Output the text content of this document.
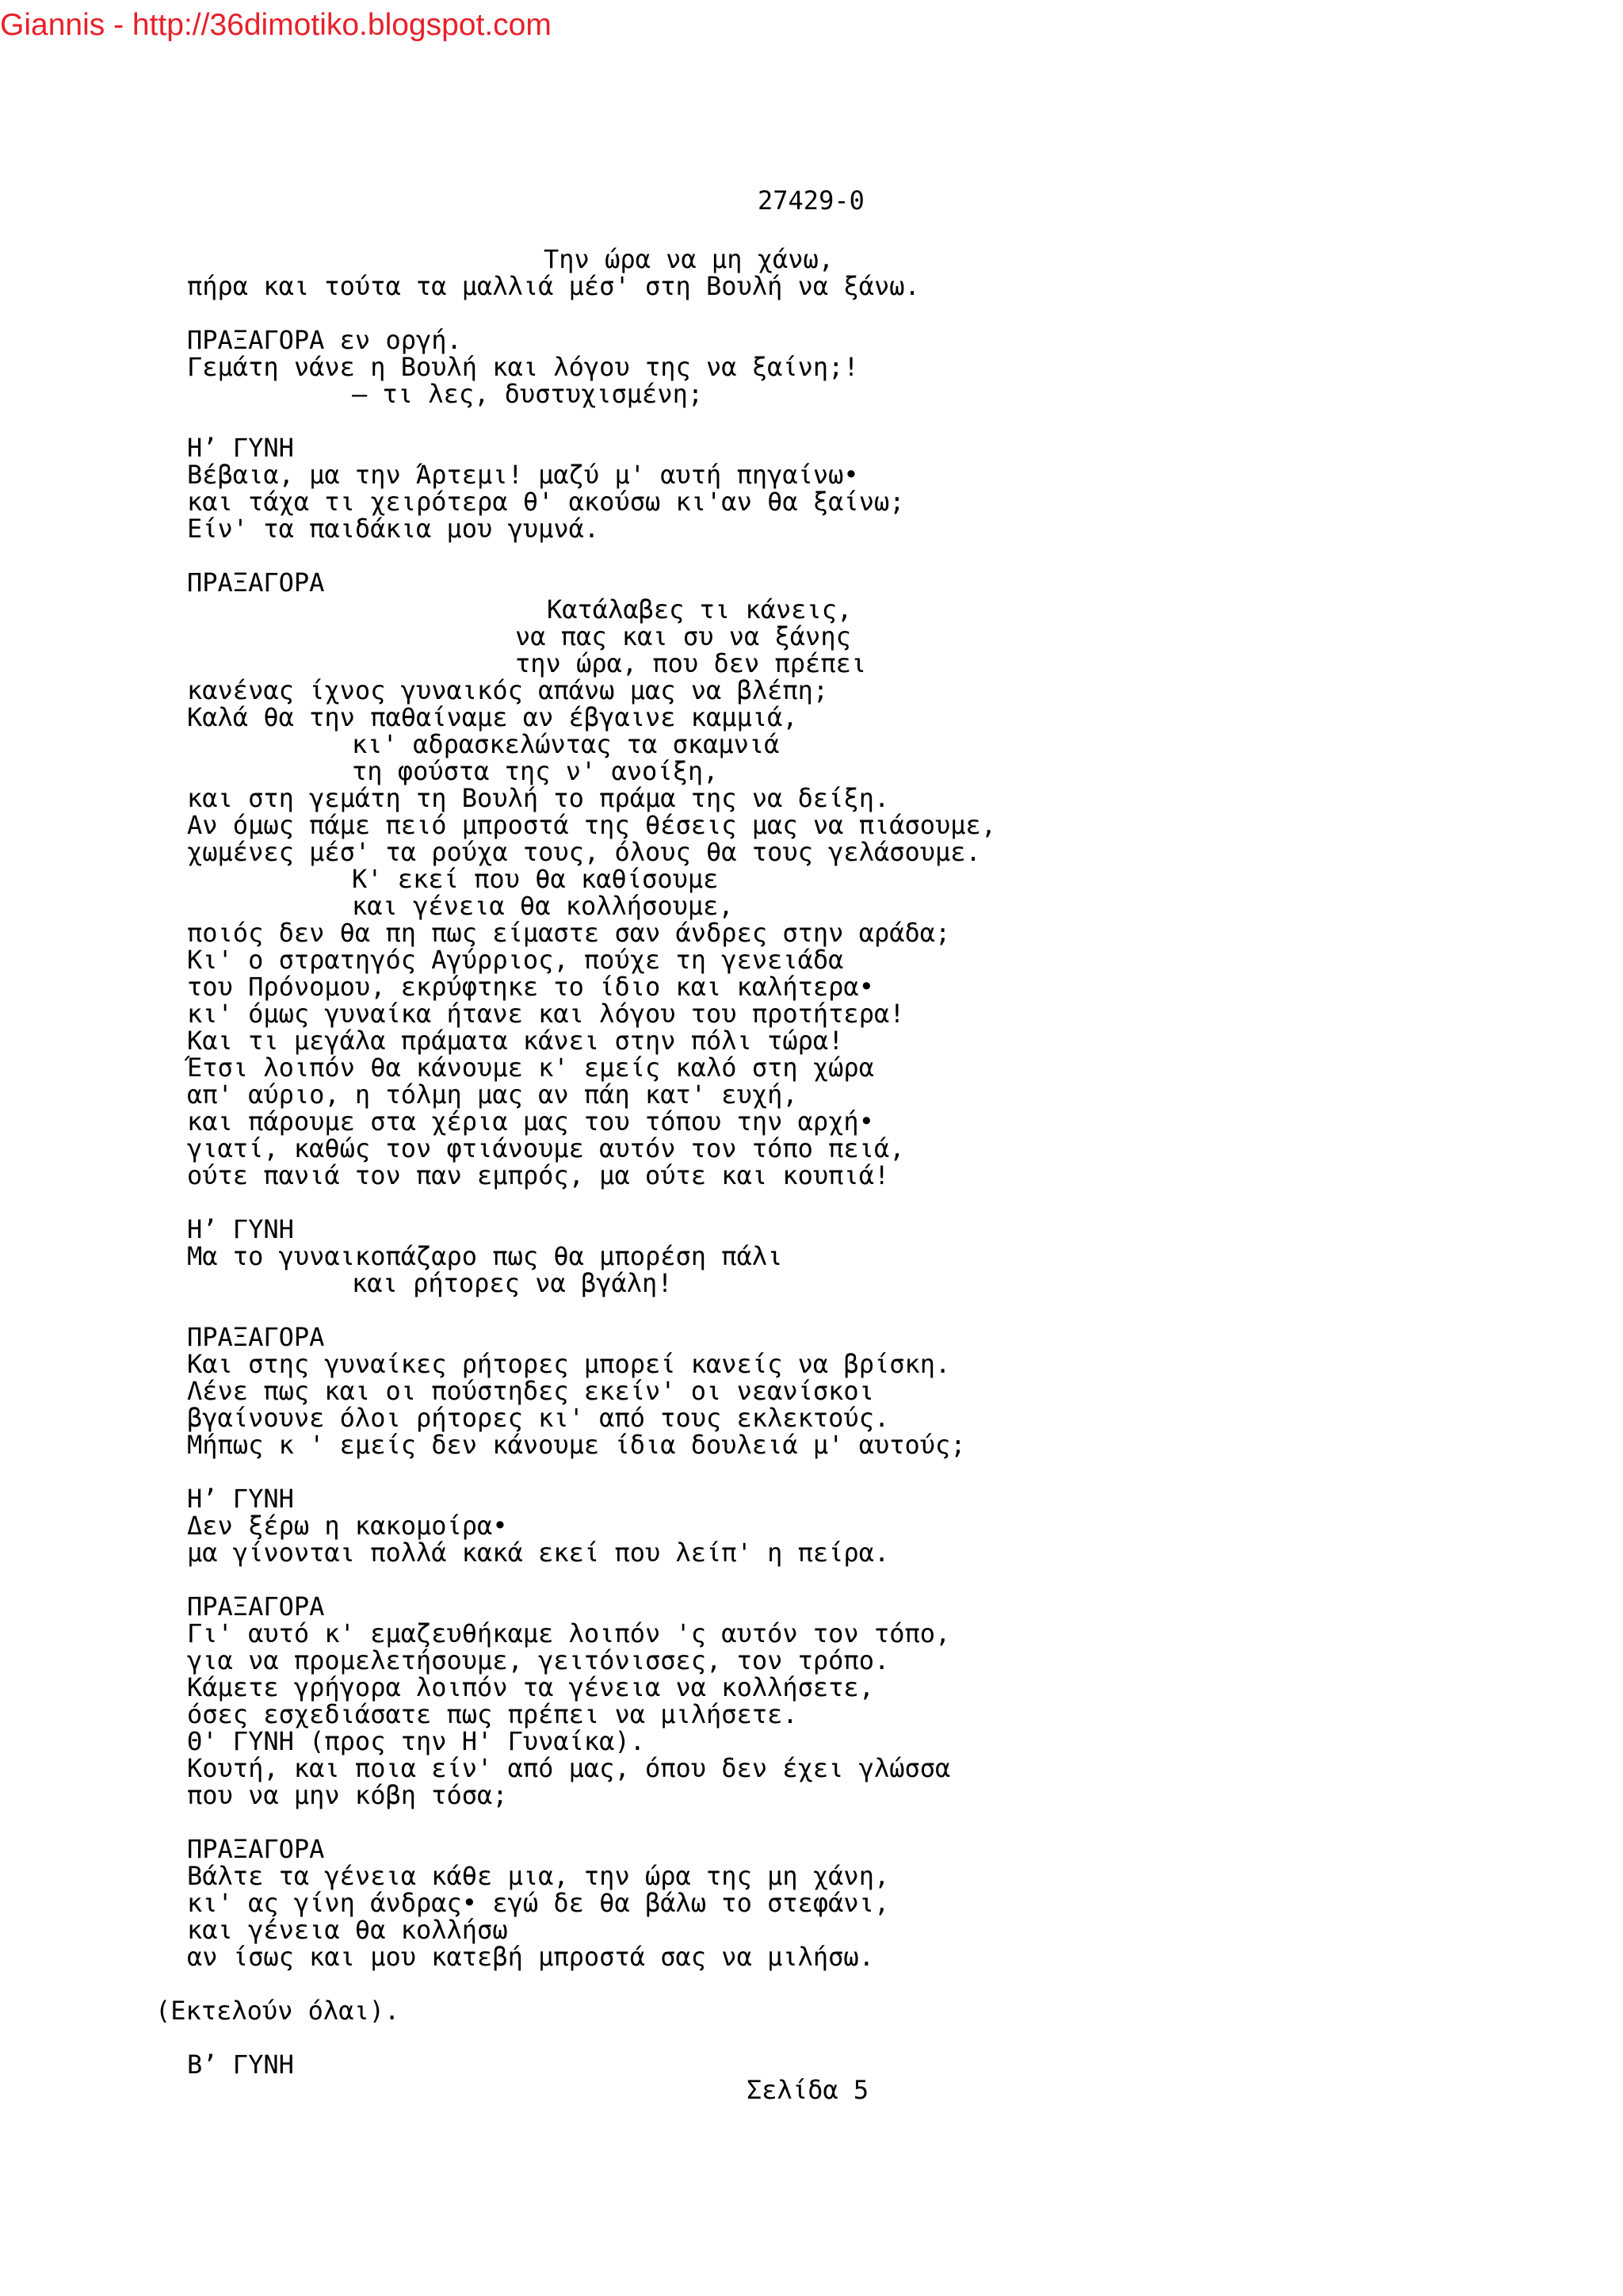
Giannis - http://36dimotiko.blogspot.com
27429-0
Την ώρα να μη χάνω,
πήρα και τούτα τα μαλλιά μέσ' στη Βουλή να ξάνω.
ΠΡΑΞΑΓΟΡΑ εν οργή.
Γεμάτη νάνε η Βουλή και λόγου της να ξαίνη;!
– τι λες, δυστυχισμένη;
Η’ ΓΥΝΗ
Βέβαια, μα την Άρτεμι! μαζύ μ' αυτή πηγαίνω•
και τάχα τι χειρότερα θ' ακούσω κι'αν θα ξαίνω;
Είν' τα παιδάκια μου γυμνά.
ΠΡΑΞΑΓΟΡΑ
Κατάλαβες τι κάνεις,
να πας και συ να ξάνης
την ώρα, που δεν πρέπει
κανένας ίχνος γυναικός απάνω μας να βλέπη;
Καλά θα την παθαίναμε αν έβγαινε καμμιά,
κι' αδρασκελώντας τα σκαμνιά
τη φούστα της ν' ανοίξη,
και στη γεμάτη τη Βουλή το πράμα της να δείξη.
Αν όμως πάμε πειό μπροστά της θέσεις μας να πιάσουμε,
χωμένες μέσ' τα ρούχα τους, όλους θα τους γελάσουμε.
Κ' εκεί που θα καθίσουμε
και γένεια θα κολλήσουμε,
ποιός δεν θα πη πως είμαστε σαν άνδρες στην αράδα;
Κι' ο στρατηγός Αγύρριος, πούχε τη γενειάδα
του Πρόνομου, εκρύφτηκε το ίδιο και καλήτερα•
κι' όμως γυναίκα ήτανε και λόγου του προτήτερα!
Και τι μεγάλα πράματα κάνει στην πόλι τώρα!
Έτσι λοιπόν θα κάνουμε κ' εμείς καλό στη χώρα
απ' αύριο, η τόλμη μας αν πάη κατ' ευχή,
και πάρουμε στα χέρια μας του τόπου την αρχή•
γιατί, καθώς τον φτιάνουμε αυτόν τον τόπο πειά,
ούτε πανιά τον παν εμπρός, μα ούτε και κουπιά!
Η’ ΓΥΝΗ
Μα το γυναικοπάζαρο πως θα μπορέση πάλι
και ρήτορες να βγάλη!
ΠΡΑΞΑΓΟΡΑ
Και στης γυναίκες ρήτορες μπορεί κανείς να βρίσκη.
Λένε πως και οι πούστηδες εκείν' οι νεανίσκοι
βγαίνουνε όλοι ρήτορες κι' από τους εκλεκτούς.
Μήπως κ ' εμείς δεν κάνουμε ίδια δουλειά μ' αυτούς;
Η’ ΓΥΝΗ
Δεν ξέρω η κακομοίρα•
μα γίνονται πολλά κακά εκεί που λείπ' η πείρα.
ΠΡΑΞΑΓΟΡΑ
Γι' αυτό κ' εμαζευθήκαμε λοιπόν 'ς αυτόν τον τόπο,
για να προμελετήσουμε, γειτόνισσες, τον τρόπο.
Κάμετε γρήγορα λοιπόν τα γένεια να κολλήσετε,
όσες εσχεδιάσατε πως πρέπει να μιλήσετε.
Θ' ΓΥΝΗ (προς την Η' Γυναίκα).
Κουτή, και ποια είν' από μας, όπου δεν έχει γλώσσα
που να μην κόβη τόσα;
ΠΡΑΞΑΓΟΡΑ
Βάλτε τα γένεια κάθε μια, την ώρα της μη χάνη,
κι' ας γίνη άνδρας• εγώ δε θα βάλω το στεφάνι,
και γένεια θα κολλήσω
αν ίσως και μου κατεβή μπροστά σας να μιλήσω.
(Εκτελούν όλαι).
Β’ ΓΥΝΗ
Σελίδα 5
